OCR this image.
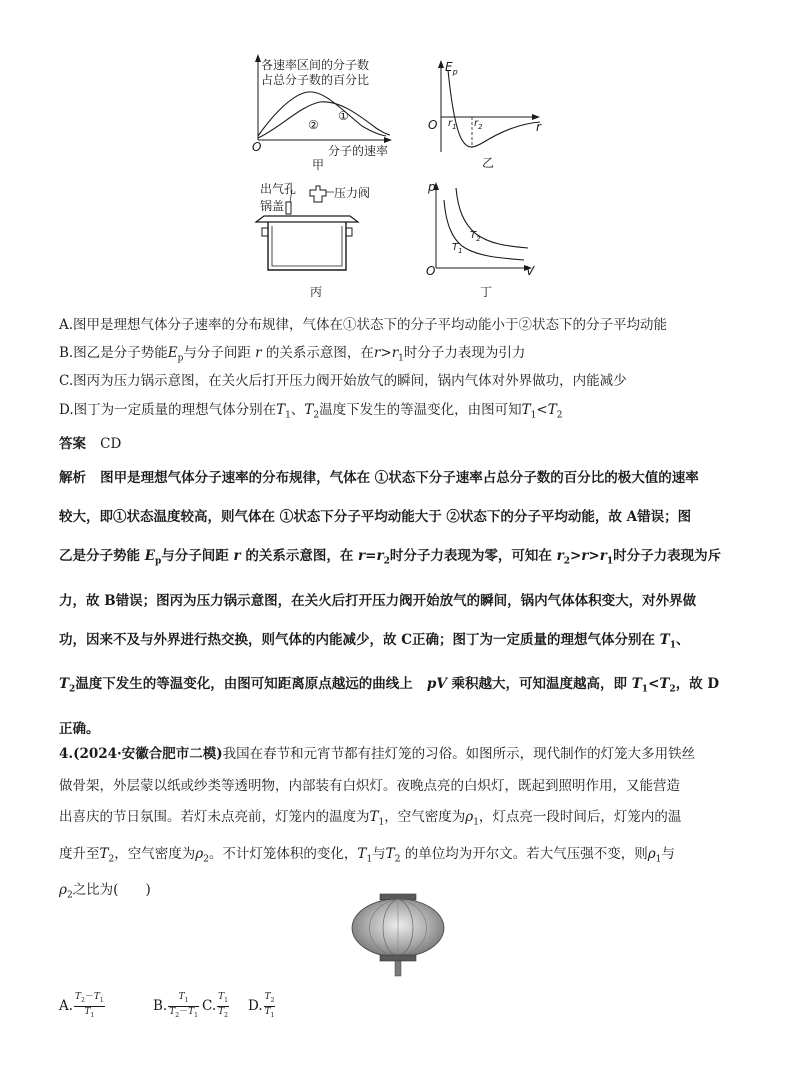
各速率区间的分子数
占总分子数的百分比
①
②
O	分子的速率
甲
$E_p$
O $r_1$ $r_2$	r
乙
出气孔	压力阀
锅盖
丙
p
$T_2$
$T_1$
O	V
丁
A.图甲是理想气体分子速率的分布规律，气体在①状态下的分子平均动能小于②状态下的分子平均动能
B.图乙是分子势能$E_p$与分子间距 r 的关系示意图，在$r>r_1$时分子力表现为引力
C.图丙为压力锅示意图，在关火后打开压力阀开始放气的瞬间，锅内气体对外界做功，内能减少
D.图丁为一定质量的理想气体分别在$T_1$、$T_2$温度下发生的等温变化，由图可知$T_1<T_2$
答案 CD
解析 图甲是理想气体分子速率的分布规律，气体在 ①状态下分子速率占总分子数的百分比的极大值的速率
较大，即①状态温度较高，则气体在 ①状态下分子平均动能大于 ②状态下的分子平均动能，故 A错误；图
乙是分子势能 $E_p$与分子间距 r 的关系示意图，在 $r=r_2$时分子力表现为零，可知在 $r_2>r>r_1$时分子力表现为斥
力，故 B错误；图丙为压力锅示意图，在关火后打开压力阀开始放气的瞬间，锅内气体体积变大，对外界做
功，因来不及与外界进行热交换，则气体的内能减少，故 C正确；图丁为一定质量的理想气体分别在 $T_1$、
$T_2$温度下发生的等温变化，由图可知距离原点越远的曲线上 pV 乘积越大，可知温度越高，即 $T_1<T_2$，故 D
正确。
4.(2024·安徽合肥市二模)我国在春节和元宵节都有挂灯笼的习俗。如图所示，现代制作的灯笼大多用铁丝
做骨架，外层蒙以纸或纱类等透明物，内部装有白炽灯。夜晚点亮的白炽灯，既起到照明作用，又能营造
出喜庆的节日氛围。若灯未点亮前，灯笼内的温度为$T_1$，空气密度为$\rho_1$，灯点亮一段时间后，灯笼内的温
度升至$T_2$，空气密度为$\rho_2$。不计灯笼体积的变化，$T_1$与$T_2$ 的单位均为开尔文。若大气压强不变，则$\rho_1$与
$\rho_2$之比为(　　)
A. $\frac{T_2-T_1}{T_1}$	B. $\frac{T_1}{T_2-T_1} C$. $\frac{T_1}{T_2} D$. $\frac{T_2}{T_1}$
